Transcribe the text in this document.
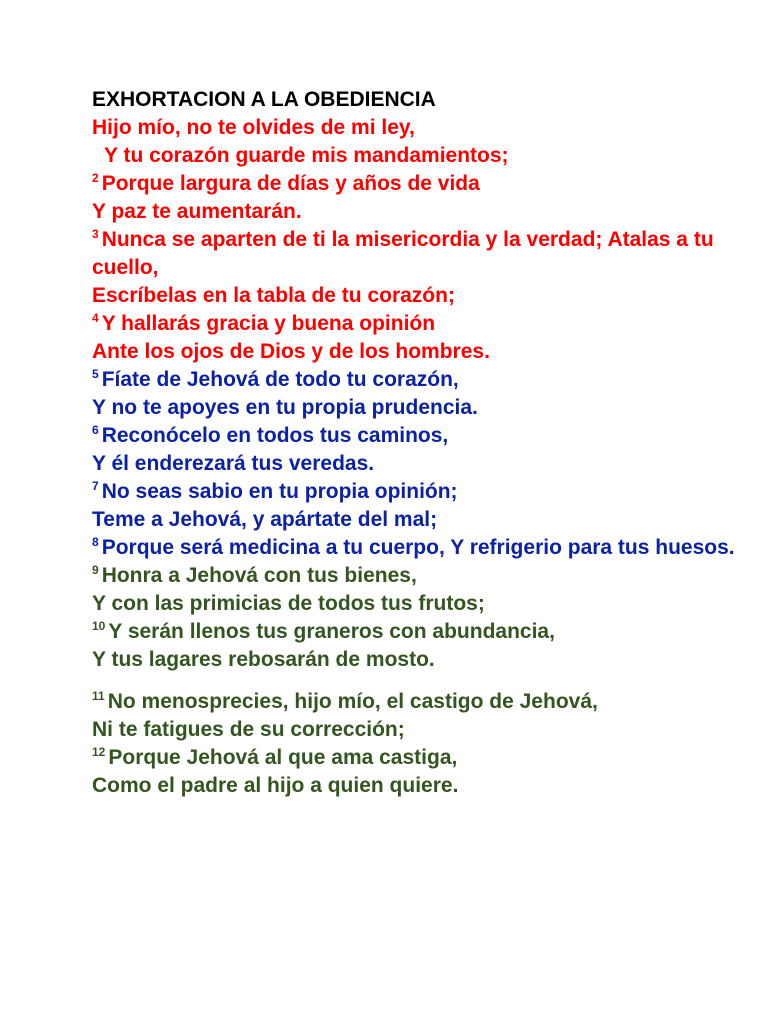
EXHORTACION A LA OBEDIENCIA
Hijo mío, no te olvides de mi ley,
Y tu corazón guarde mis mandamientos;
$^2$ Porque largura de días y años de vida
Y paz te aumentarán.
$^3$ Nunca se aparten de ti la misericordia y la verdad; Atalas a tu cuello,
Escríbelas en la tabla de tu corazón;
$^4$ Y hallarás gracia y buena opinión
Ante los ojos de Dios y de los hombres.
$^5$ Fíate de Jehová de todo tu corazón,
Y no te apoyes en tu propia prudencia.
$^6$ Reconócelo en todos tus caminos,
Y él enderezará tus veredas.
$^7$ No seas sabio en tu propia opinión;
Teme a Jehová, y apártate del mal;
$^8$ Porque será medicina a tu cuerpo, Y refrigerio para tus huesos.
$^9$ Honra a Jehová con tus bienes,
Y con las primicias de todos tus frutos;
$^{10}$ Y serán llenos tus graneros con abundancia,
Y tus lagares rebosarán de mosto.
$^{11}$ No menosprecies, hijo mío, el castigo de Jehová,
Ni te fatigues de su corrección;
$^{12}$ Porque Jehová al que ama castiga,
Como el padre al hijo a quien quiere.
